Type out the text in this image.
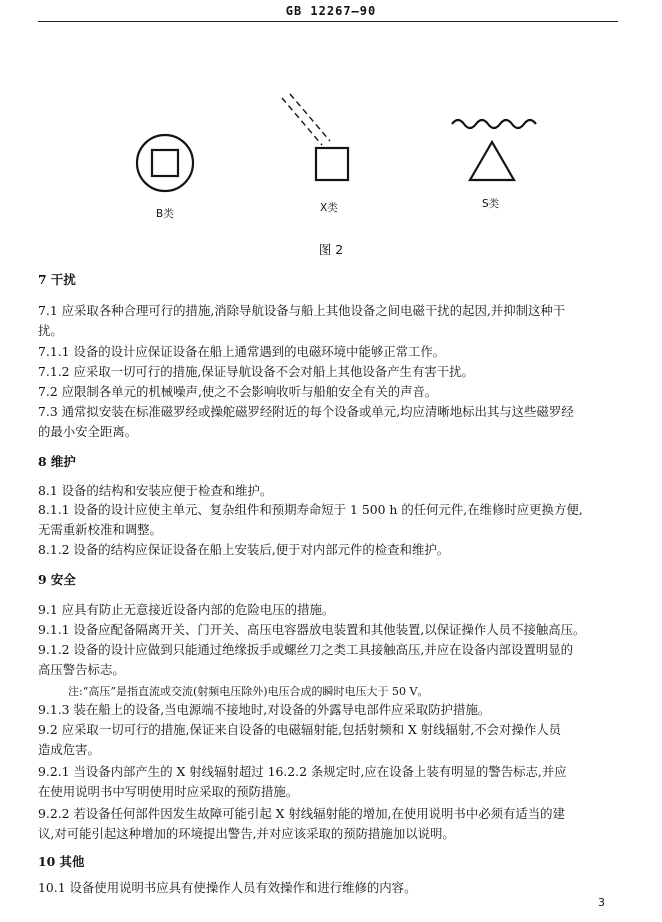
GB 12267—90
B类	X类	S类
图 2
7 干扰
7.1 应采取各种合理可行的措施,消除导航设备与船上其他设备之间电磁干扰的起因,并抑制这种干
扰。
7.1.1 设备的设计应保证设备在船上通常遇到的电磁环境中能够正常工作。
7.1.2 应采取一切可行的措施,保证导航设备不会对船上其他设备产生有害干扰。
7.2 应限制各单元的机械噪声,使之不会影响收听与船舶安全有关的声音。
7.3 通常拟安装在标准磁罗经或操舵磁罗经附近的每个设备或单元,均应清晰地标出其与这些磁罗经
的最小安全距离。
8 维护
8.1 设备的结构和安装应便于检查和维护。
8.1.1 设备的设计应使主单元、复杂组件和预期寿命短于 1 500 h 的任何元件,在维修时应更换方便,
无需重新校准和调整。
8.1.2 设备的结构应保证设备在船上安装后,便于对内部元件的检查和维护。
9 安全
9.1 应具有防止无意接近设备内部的危险电压的措施。
9.1.1 设备应配备隔离开关、门开关、高压电容器放电装置和其他装置,以保证操作人员不接触高压。
9.1.2 设备的设计应做到只能通过绝缘扳手或螺丝刀之类工具接触高压,并应在设备内部设置明显的
高压警告标志。
注:“高压”是指直流或交流(射频电压除外)电压合成的瞬时电压大于 50 V。
9.1.3 装在船上的设备,当电源端不接地时,对设备的外露导电部件应采取防护措施。
9.2 应采取一切可行的措施,保证来自设备的电磁辐射能,包括射频和 X 射线辐射,不会对操作人员
造成危害。
9.2.1 当设备内部产生的 X 射线辐射超过 16.2.2 条规定时,应在设备上装有明显的警告标志,并应
在使用说明书中写明使用时应采取的预防措施。
9.2.2 若设备任何部件因发生故障可能引起 X 射线辐射能的增加,在使用说明书中必须有适当的建
议,对可能引起这种增加的环境提出警告,并对应该采取的预防措施加以说明。
10 其他
10.1 设备使用说明书应具有使操作人员有效操作和进行维修的内容。
3
